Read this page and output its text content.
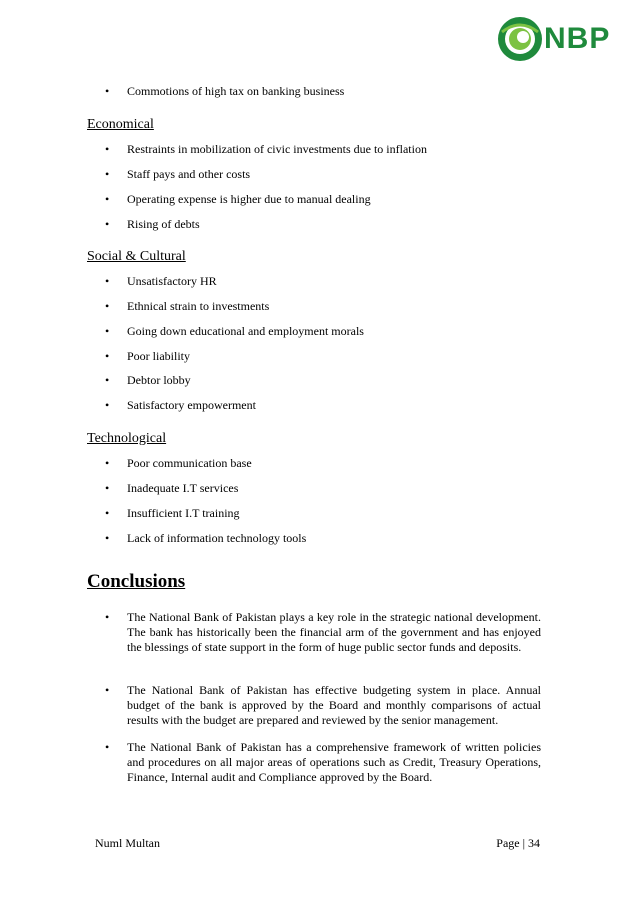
NBP
• Commotions of high tax on banking business
Economical
• Restraints in mobilization of civic investments due to inflation
• Staff pays and other costs
• Operating expense is higher due to manual dealing
• Rising of debts
Social & Cultural
• Unsatisfactory HR
• Ethnical strain to investments
• Going down educational and employment morals
• Poor liability
• Debtor lobby
• Satisfactory empowerment
Technological
• Poor communication base
• Inadequate I.T services
• Insufficient I.T training
• Lack of information technology tools
Conclusions
• The National Bank of Pakistan plays a key role in the strategic national development. The bank has historically been the financial arm of the government and has enjoyed the blessings of state support in the form of huge public sector funds and deposits.
• The National Bank of Pakistan has effective budgeting system in place. Annual budget of the bank is approved by the Board and monthly comparisons of actual results with the budget are prepared and reviewed by the senior management.
• The National Bank of Pakistan has a comprehensive framework of written policies and procedures on all major areas of operations such as Credit, Treasury Operations, Finance, Internal audit and Compliance approved by the Board.
Numl Multan	Page | 34
